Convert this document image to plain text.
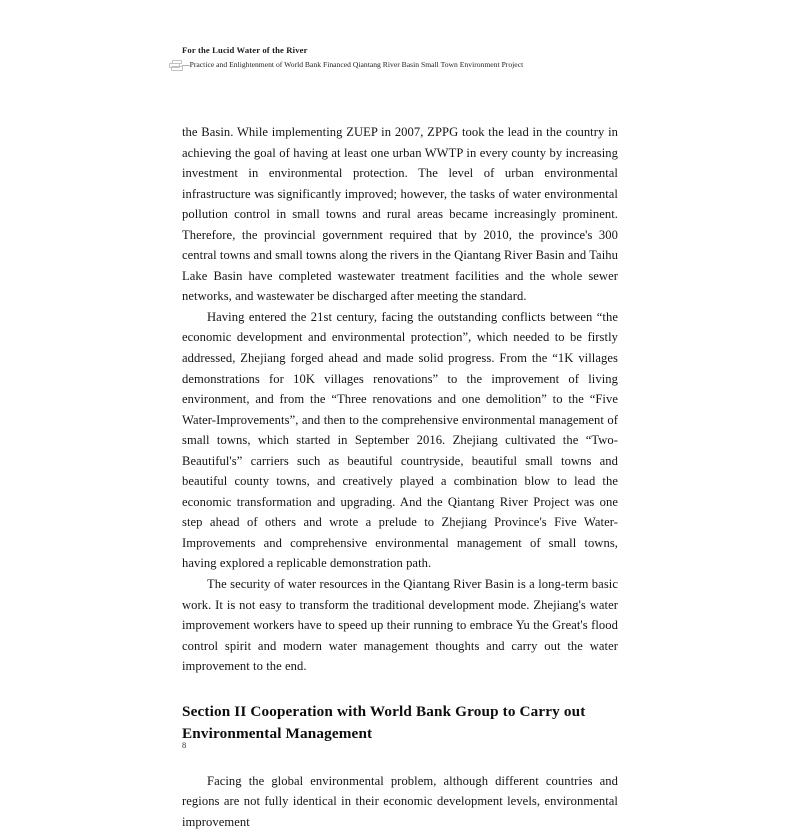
For the Lucid Water of the River
—Practice and Enlightenment of World Bank Financed Qiantang River Basin Small Town Environment Project

the Basin. While implementing ZUEP in 2007, ZPPG took the lead in the country in achieving the goal of having at least one urban WWTP in every county by increasing investment in environmental protection. The level of urban environmental infrastructure was significantly improved; however, the tasks of water environmental pollution control in small towns and rural areas became increasingly prominent. Therefore, the provincial government required that by 2010, the province's 300 central towns and small towns along the rivers in the Qiantang River Basin and Taihu Lake Basin have completed wastewater treatment facilities and the whole sewer networks, and wastewater be discharged after meeting the standard.

Having entered the 21st century, facing the outstanding conflicts between “the economic development and environmental protection”, which needed to be firstly addressed, Zhejiang forged ahead and made solid progress. From the “1K villages demonstrations for 10K villages renovations” to the improvement of living environment, and from the “Three renovations and one demolition” to the “Five Water-Improvements”, and then to the comprehensive environmental management of small towns, which started in September 2016. Zhejiang cultivated the “Two-Beautiful's” carriers such as beautiful countryside, beautiful small towns and beautiful county towns, and creatively played a combination blow to lead the economic transformation and upgrading. And the Qiantang River Project was one step ahead of others and wrote a prelude to Zhejiang Province's Five Water-Improvements and comprehensive environmental management of small towns, having explored a replicable demonstration path.

The security of water resources in the Qiantang River Basin is a long-term basic work. It is not easy to transform the traditional development mode. Zhejiang's water improvement workers have to speed up their running to embrace Yu the Great's flood control spirit and modern water management thoughts and carry out the water improvement to the end.

Section II Cooperation with World Bank Group to Carry out Environmental Management

Facing the global environmental problem, although different countries and regions are not fully identical in their economic development levels, environmental improvement

8
